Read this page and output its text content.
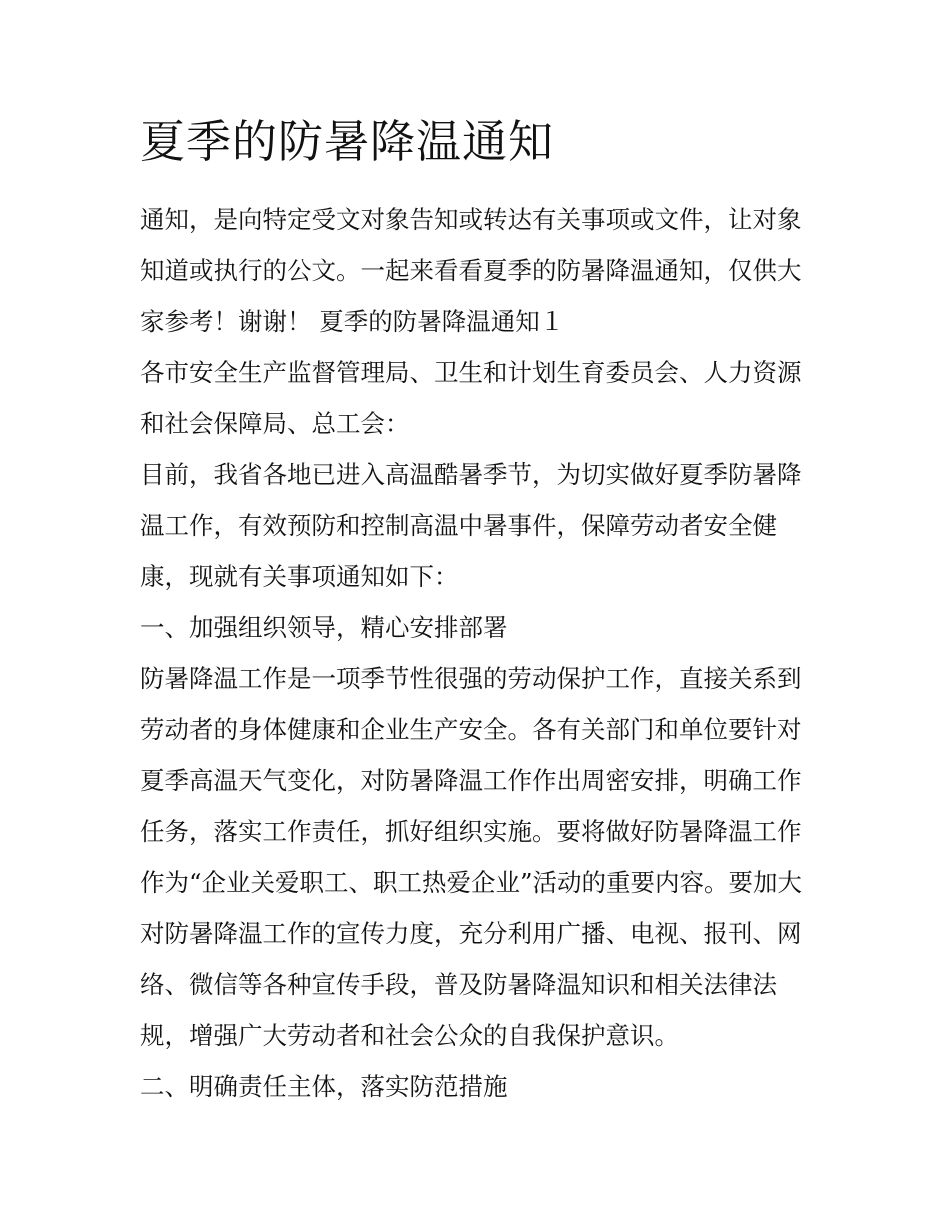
夏季的防暑降温通知

通知，是向特定受文对象告知或转达有关事项或文件，让对象

知道或执行的公文。一起来看看夏季的防暑降温通知，仅供大

家参考！谢谢！ 夏季的防暑降温通知１

各市安全生产监督管理局、卫生和计划生育委员会、人力资源

和社会保障局、总工会：

目前，我省各地已进入高温酷暑季节，为切实做好夏季防暑降

温工作，有效预防和控制高温中暑事件，保障劳动者安全健

康，现就有关事项通知如下：

一、加强组织领导，精心安排部署

防暑降温工作是一项季节性很强的劳动保护工作，直接关系到

劳动者的身体健康和企业生产安全。各有关部门和单位要针对

夏季高温天气变化，对防暑降温工作作出周密安排，明确工作

任务，落实工作责任，抓好组织实施。要将做好防暑降温工作

作为“企业关爱职工、职工热爱企业”活动的重要内容。要加大

对防暑降温工作的宣传力度，充分利用广播、电视、报刊、网

络、微信等各种宣传手段，普及防暑降温知识和相关法律法

规，增强广大劳动者和社会公众的自我保护意识。

二、明确责任主体，落实防范措施
